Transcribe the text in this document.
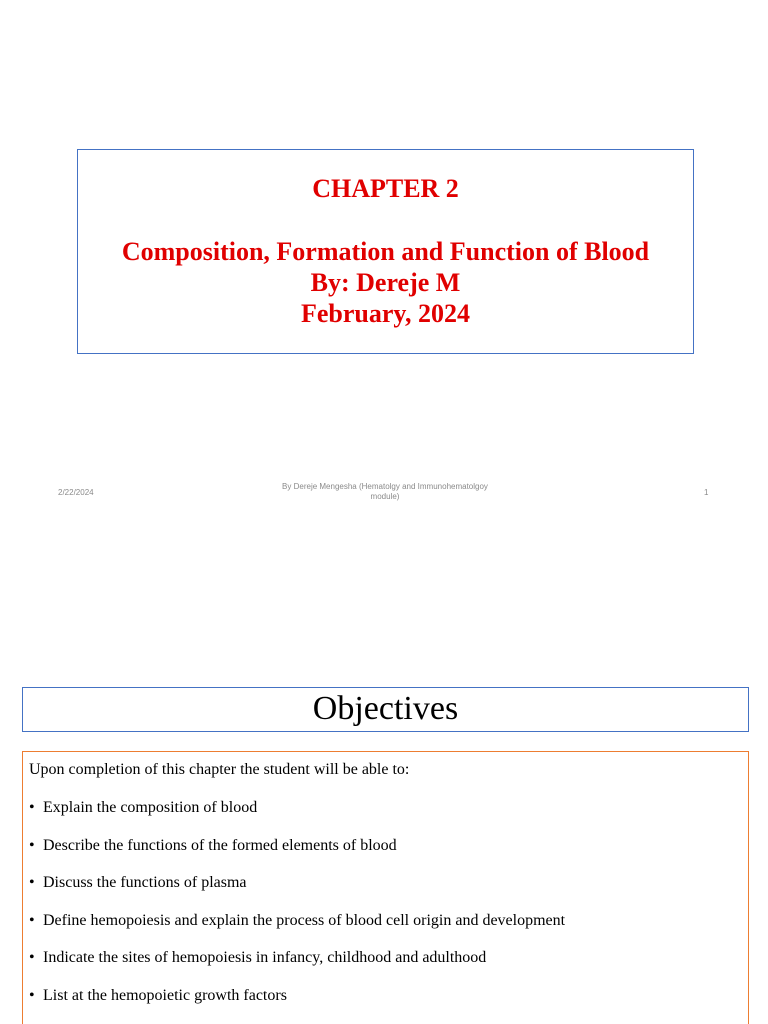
CHAPTER 2
Composition, Formation and Function of Blood
By: Dereje M
February, 2024
2/22/2024
By Dereje Mengesha (Hematolgy and Immunohematolgoy
module)	1
Objectives
Upon completion of this chapter the student will be able to:
• Explain the composition of blood
• Describe the functions of the formed elements of blood
• Discuss the functions of plasma
• Define hemopoiesis and explain the process of blood cell origin and development
• Indicate the sites of hemopoiesis in infancy, childhood and adulthood
• List at the hemopoietic growth factors
